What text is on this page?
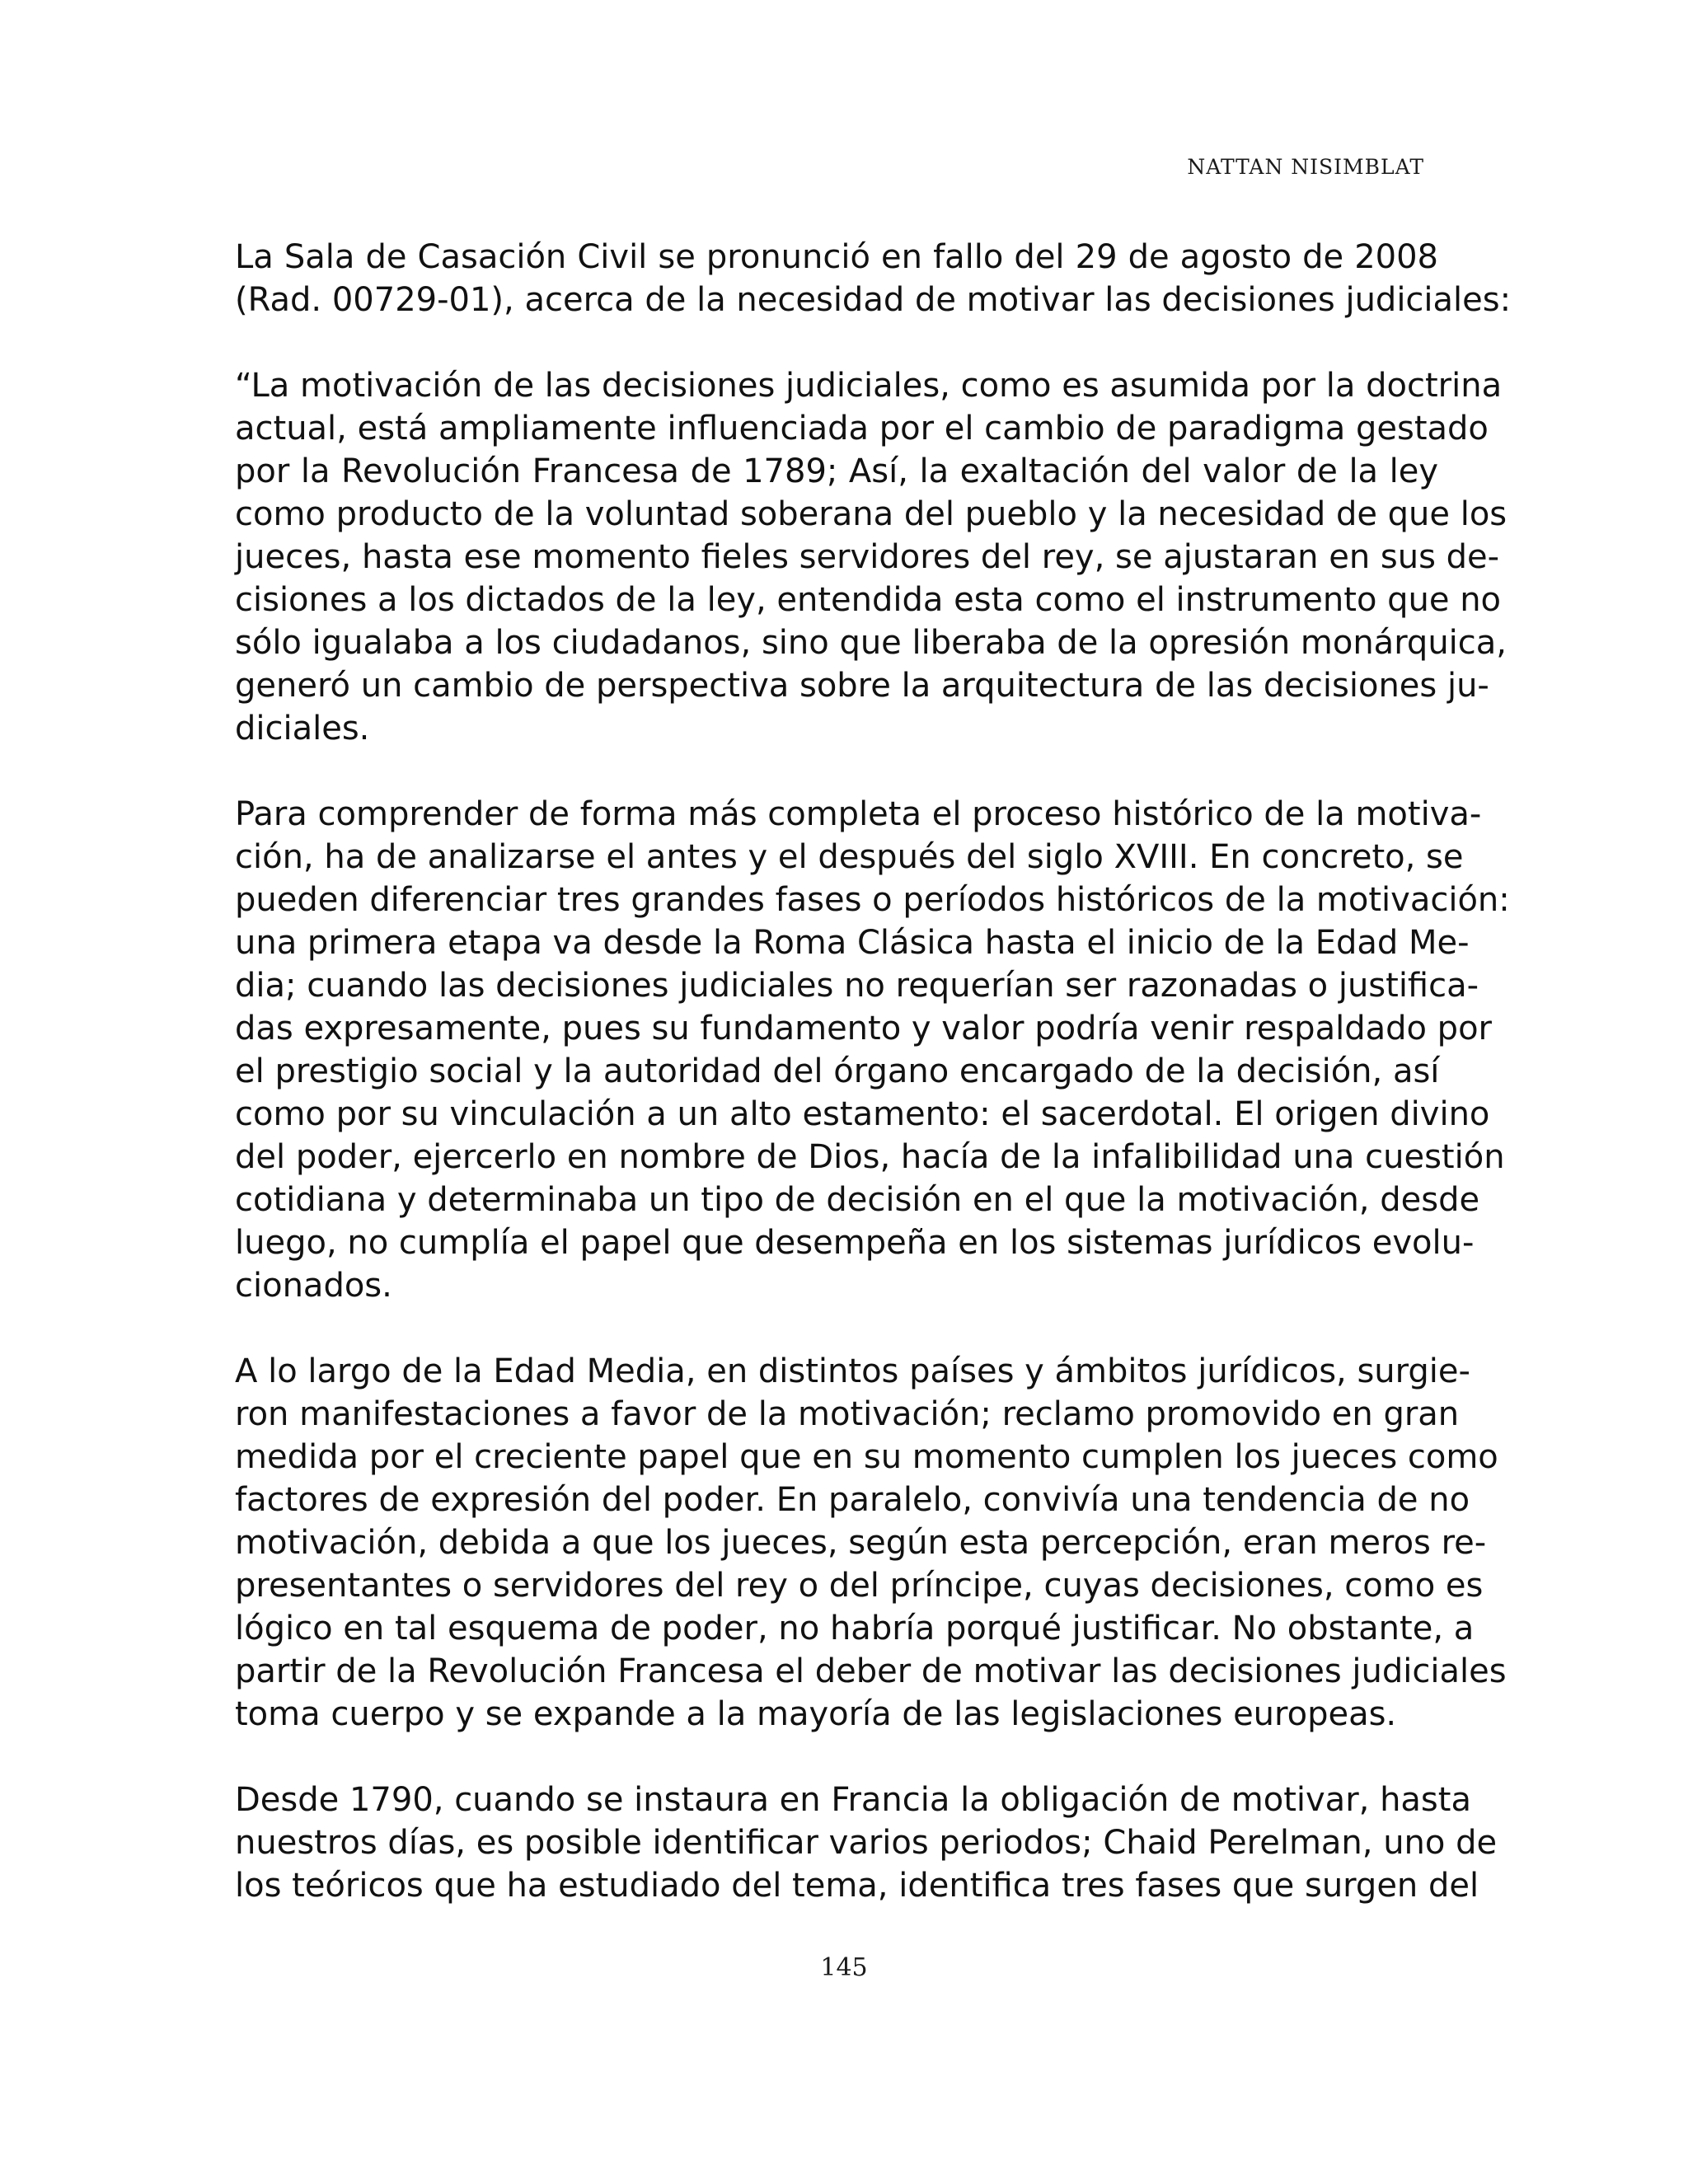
NATTAN NISIMBLAT
La Sala de Casación Civil se pronunció en fallo del 29 de agosto de 2008
(Rad. 00729-01), acerca de la necesidad de motivar las decisiones judiciales:
“La motivación de las decisiones judiciales, como es asumida por la doctrina
actual, está ampliamente influenciada por el cambio de paradigma gestado
por la Revolución Francesa de 1789; Así, la exaltación del valor de la ley
como producto de la voluntad soberana del pueblo y la necesidad de que los
jueces, hasta ese momento fieles servidores del rey, se ajustaran en sus de-
cisiones a los dictados de la ley, entendida esta como el instrumento que no
sólo igualaba a los ciudadanos, sino que liberaba de la opresión monárquica,
generó un cambio de perspectiva sobre la arquitectura de las decisiones ju-
diciales.
Para comprender de forma más completa el proceso histórico de la motiva-
ción, ha de analizarse el antes y el después del siglo XVIII. En concreto, se
pueden diferenciar tres grandes fases o períodos históricos de la motivación:
una primera etapa va desde la Roma Clásica hasta el inicio de la Edad Me-
dia; cuando las decisiones judiciales no requerían ser razonadas o justifica-
das expresamente, pues su fundamento y valor podría venir respaldado por
el prestigio social y la autoridad del órgano encargado de la decisión, así
como por su vinculación a un alto estamento: el sacerdotal. El origen divino
del poder, ejercerlo en nombre de Dios, hacía de la infalibilidad una cuestión
cotidiana y determinaba un tipo de decisión en el que la motivación, desde
luego, no cumplía el papel que desempeña en los sistemas jurídicos evolu-
cionados.
A lo largo de la Edad Media, en distintos países y ámbitos jurídicos, surgie-
ron manifestaciones a favor de la motivación; reclamo promovido en gran
medida por el creciente papel que en su momento cumplen los jueces como
factores de expresión del poder. En paralelo, convivía una tendencia de no
motivación, debida a que los jueces, según esta percepción, eran meros re-
presentantes o servidores del rey o del príncipe, cuyas decisiones, como es
lógico en tal esquema de poder, no habría porqué justificar. No obstante, a
partir de la Revolución Francesa el deber de motivar las decisiones judiciales
toma cuerpo y se expande a la mayoría de las legislaciones europeas.
Desde 1790, cuando se instaura en Francia la obligación de motivar, hasta
nuestros días, es posible identificar varios periodos; Chaid Perelman, uno de
los teóricos que ha estudiado del tema, identifica tres fases que surgen del
145
